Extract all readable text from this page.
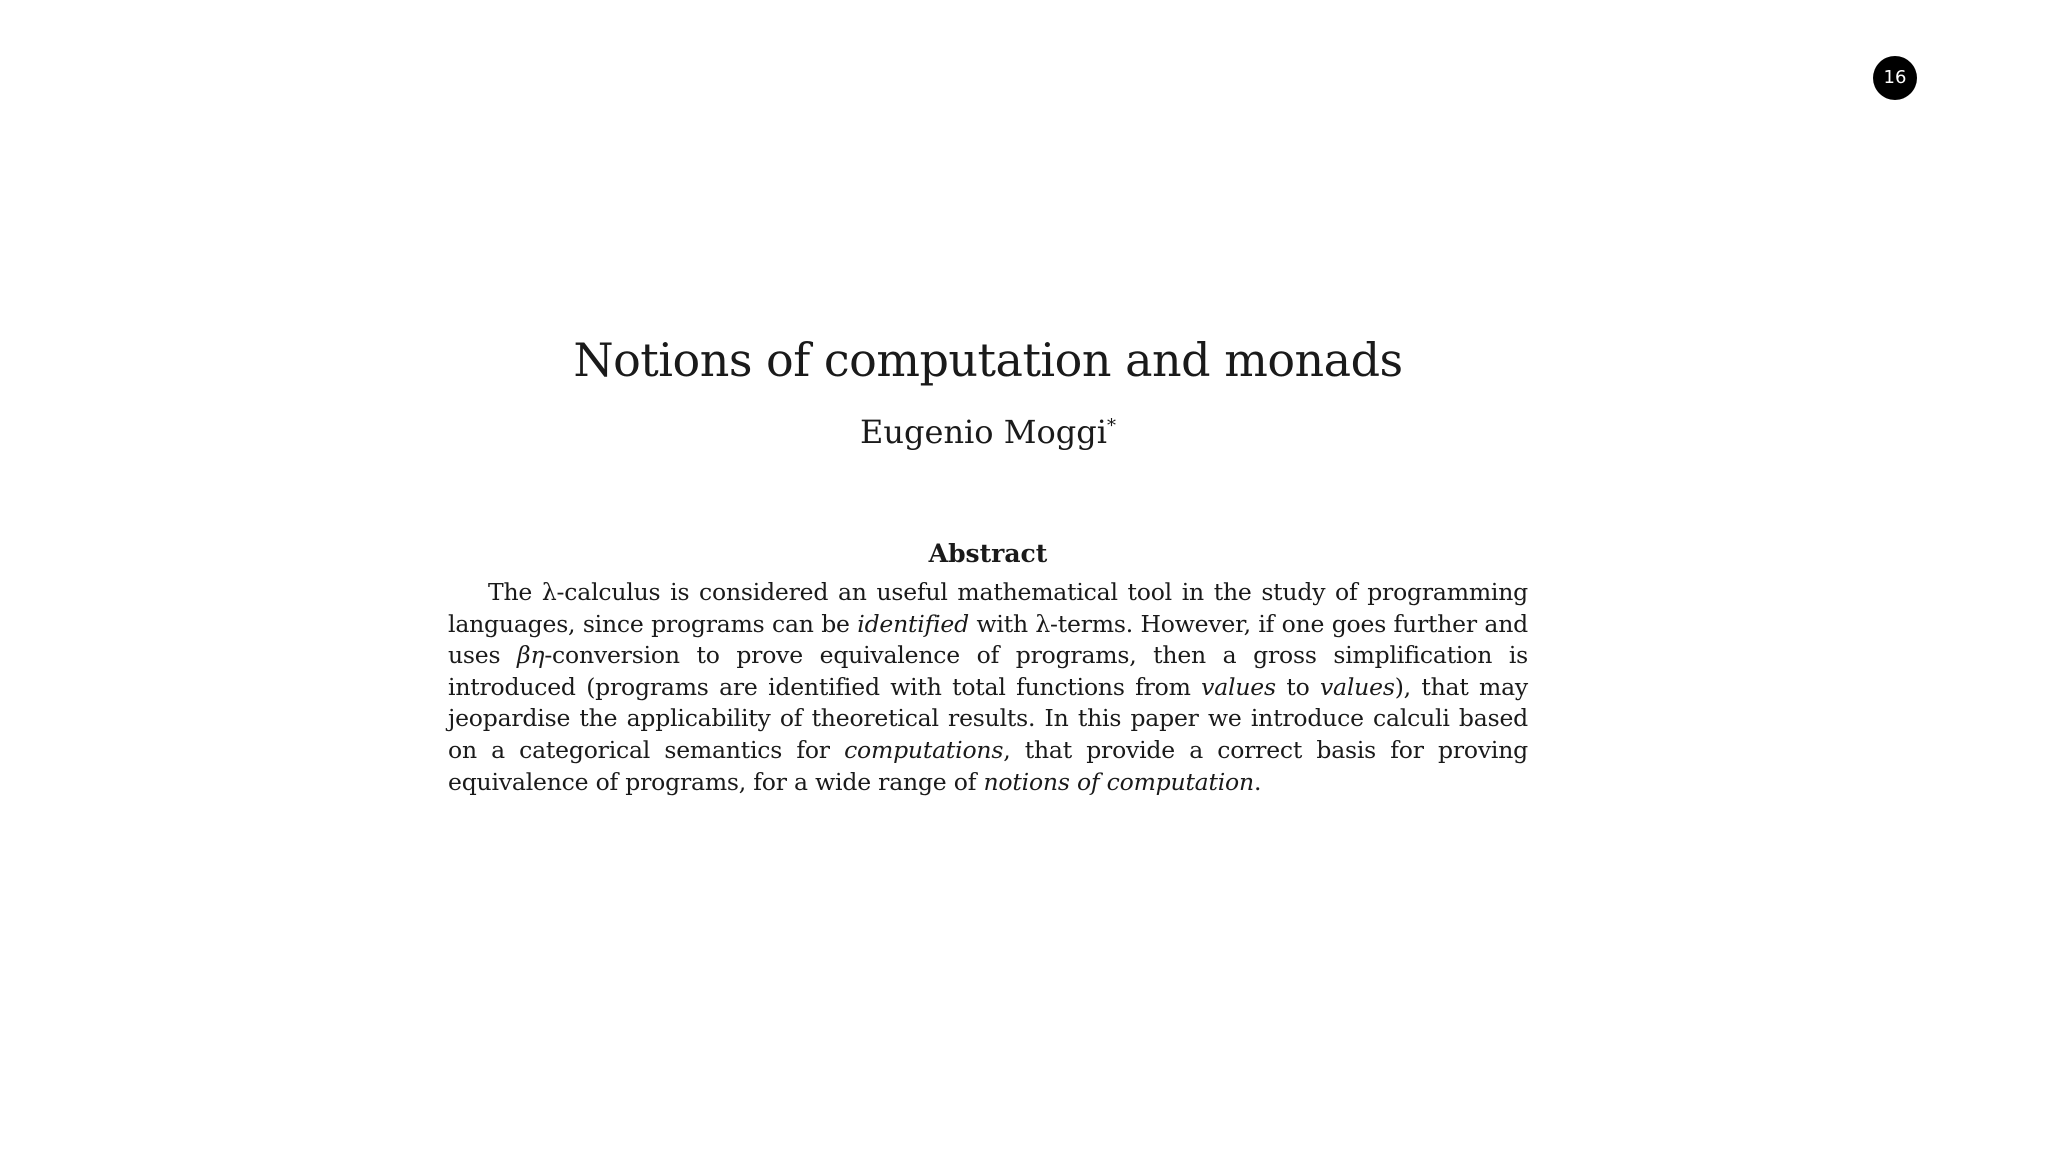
16
Notions of computation and monads
Eugenio Moggi*
Abstract

The λ-calculus is considered an useful mathematical tool in the study of programming languages, since programs can be identified with λ-terms. However, if one goes further and uses βη-conversion to prove equivalence of programs, then a gross simplification is introduced (programs are identified with total functions from values to values), that may jeopardise the applicability of theoretical results. In this paper we introduce calculi based on a categorical semantics for computations, that provide a correct basis for proving equivalence of programs, for a wide range of notions of computation.
